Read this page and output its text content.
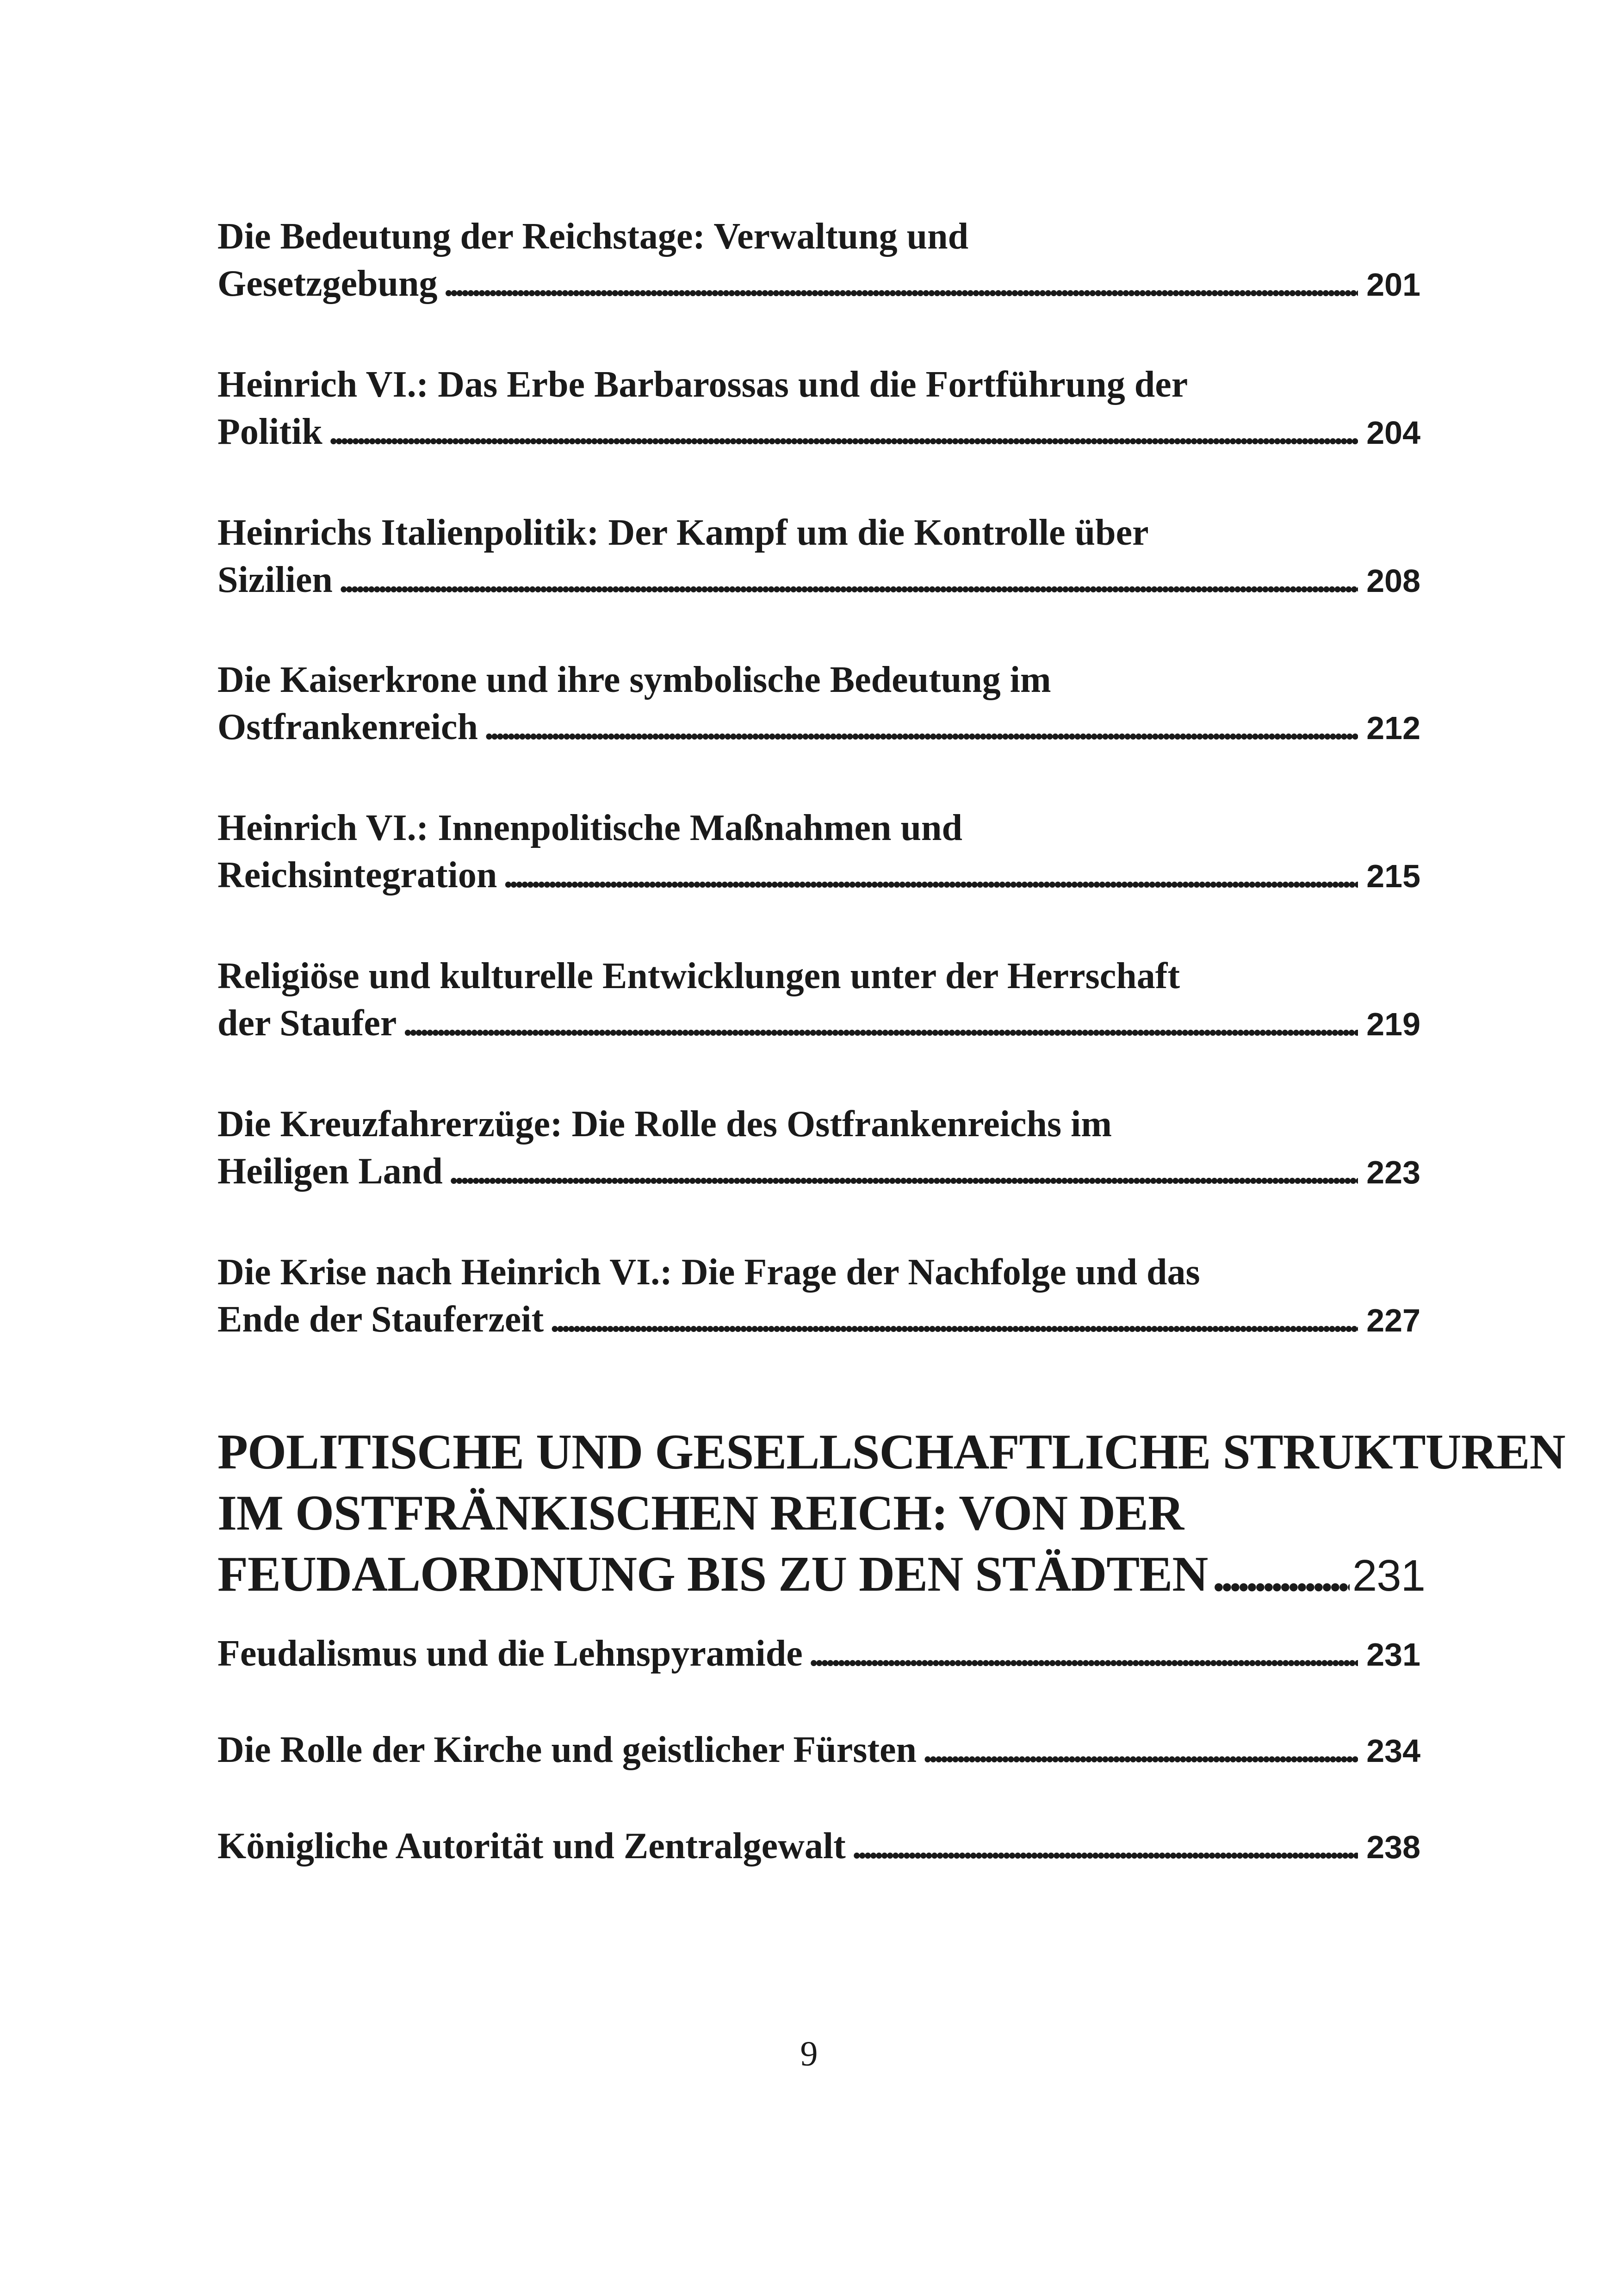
Die Bedeutung der Reichstage: Verwaltung und
Gesetzgebung . . .	201
Heinrich VI.: Das Erbe Barbarossas und die Fortführung der
Politik . . .	204
Heinrichs Italienpolitik: Der Kampf um die Kontrolle über
Sizilien . . .	208
Die Kaiserkrone und ihre symbolische Bedeutung im
Ostfrankenreich . . .	212
Heinrich VI.: Innenpolitische Maßnahmen und
Reichsintegration . . .	215
Religiöse und kulturelle Entwicklungen unter der Herrschaft
der Staufer . . .	219
Die Kreuzfahrerzüge: Die Rolle des Ostfrankenreichs im
Heiligen Land . . .	223
Die Krise nach Heinrich VI.: Die Frage der Nachfolge und das
Ende der Stauferzeit . . .	227
POLITISCHE UND GESELLSCHAFTLICHE STRUKTUREN
IM OSTFRÄNKISCHEN REICH: VON DER
FEUDALORDNUNG BIS ZU DEN STÄDTEN . . .	231
Feudalismus und die Lehnspyramide . . .	231
Die Rolle der Kirche und geistlicher Fürsten . . .	234
Königliche Autorität und Zentralgewalt . . .	238
9
